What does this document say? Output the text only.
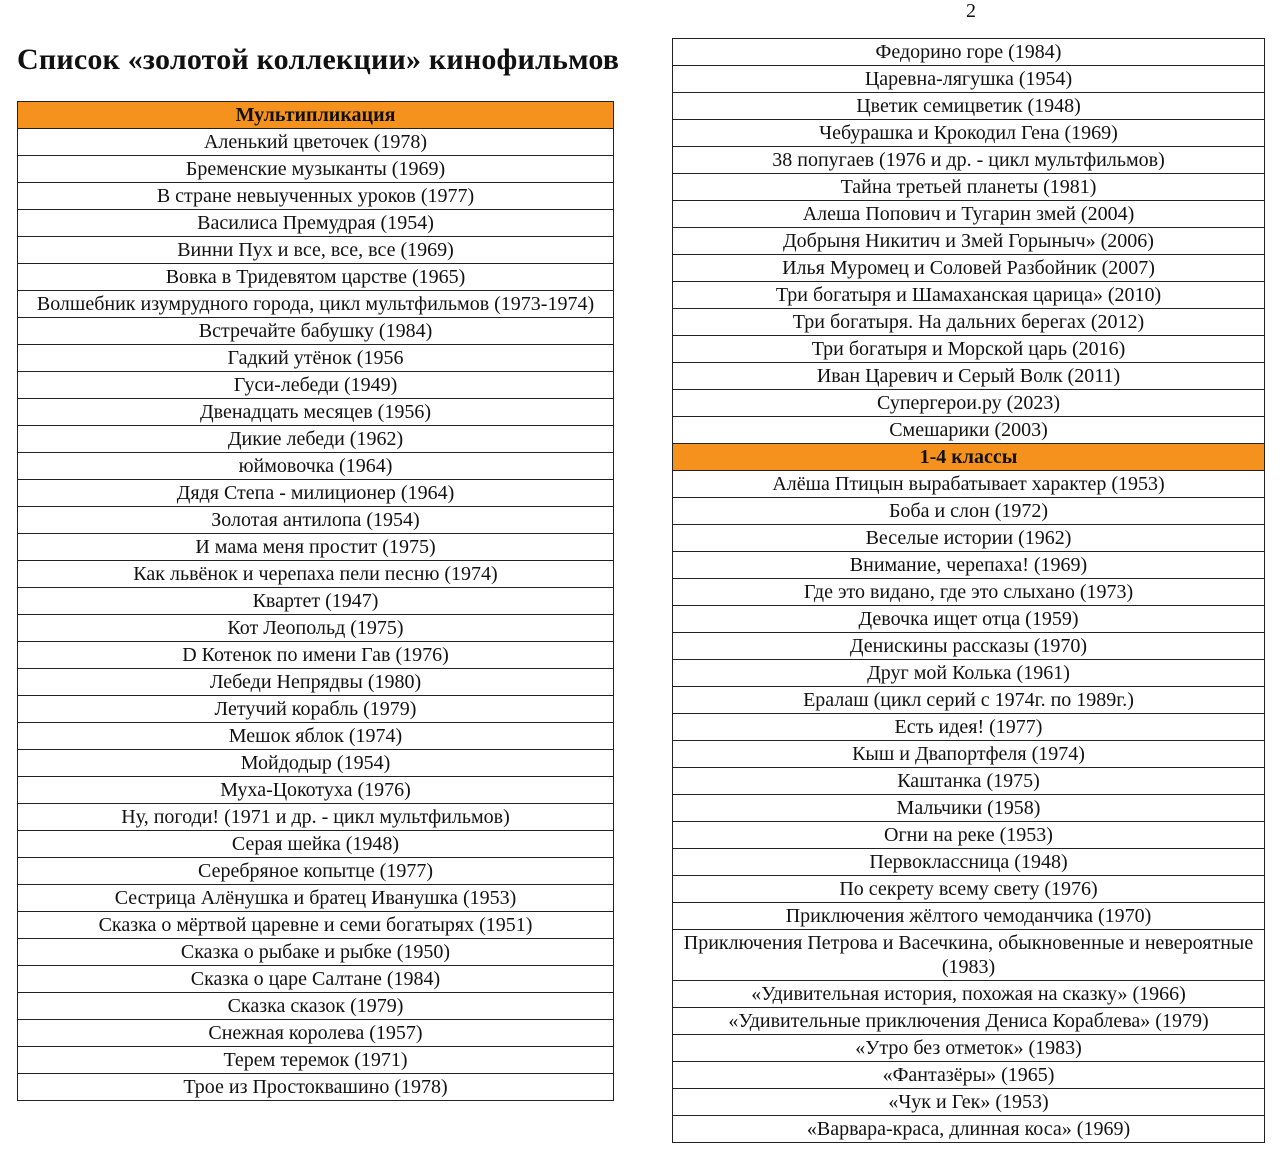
2
Список «золотой коллекции» кинофильмов
Мультипликация
Аленький цветочек (1978)
Бременские музыканты (1969)
В стране невыученных уроков (1977)
Василиса Премудрая (1954)
Винни Пух и все, все, все (1969)
Вовка в Тридевятом царстве (1965)
Волшебник изумрудного города, цикл мультфильмов (1973-1974)
Встречайте бабушку (1984)
Гадкий утёнок (1956
Гуси-лебеди (1949)
Двенадцать месяцев (1956)
Дикие лебеди (1962)
юймовочка (1964)
Дядя Степа - милиционер (1964)
Золотая антилопа (1954)
И мама меня простит (1975)
Как львёнок и черепаха пели песню (1974)
Квартет (1947)
Кот Леопольд (1975)
D Котенок по имени Гав (1976)
Лебеди Непрядвы (1980)
Летучий корабль (1979)
Мешок яблок (1974)
Мойдодыр (1954)
Муха-Цокотуха (1976)
Ну, погоди! (1971 и др. - цикл мультфильмов)
Серая шейка (1948)
Серебряное копытце (1977)
Сестрица Алёнушка и братец Иванушка (1953)
Сказка о мёртвой царевне и семи богатырях (1951)
Сказка о рыбаке и рыбке (1950)
Сказка о царе Салтане (1984)
Сказка сказок (1979)
Снежная королева (1957)
Терем теремок (1971)
Трое из Простоквашино (1978)
Федорино горе (1984)
Царевна-лягушка (1954)
Цветик семицветик (1948)
Чебурашка и Крокодил Гена (1969)
38 попугаев (1976 и др. - цикл мультфильмов)
Тайна третьей планеты (1981)
Алеша Попович и Тугарин змей (2004)
Добрыня Никитич и Змей Горыныч» (2006)
Илья Муромец и Соловей Разбойник (2007)
Три богатыря и Шамаханская царица» (2010)
Три богатыря. На дальних берегах (2012)
Три богатыря и Морской царь (2016)
Иван Царевич и Серый Волк (2011)
Супергерои.ру (2023)
Смешарики (2003)
1-4 классы
Алёша Птицын вырабатывает характер (1953)
Боба и слон (1972)
Веселые истории (1962)
Внимание, черепаха! (1969)
Где это видано, где это слыхано (1973)
Девочка ищет отца (1959)
Денискины рассказы (1970)
Друг мой Колька (1961)
Ералаш (цикл серий с 1974г. по 1989г.)
Есть идея! (1977)
Кыш и Двапортфеля (1974)
Каштанка (1975)
Мальчики (1958)
Огни на реке (1953)
Первоклассница (1948)
По секрету всему свету (1976)
Приключения жёлтого чемоданчика (1970)
Приключения Петрова и Васечкина, обыкновенные и невероятные (1983)
«Удивительная история, похожая на сказку» (1966)
«Удивительные приключения Дениса Кораблева» (1979)
«Утро без отметок» (1983)
«Фантазёры» (1965)
«Чук и Гек» (1953)
«Варвара-краса, длинная коса» (1969)
